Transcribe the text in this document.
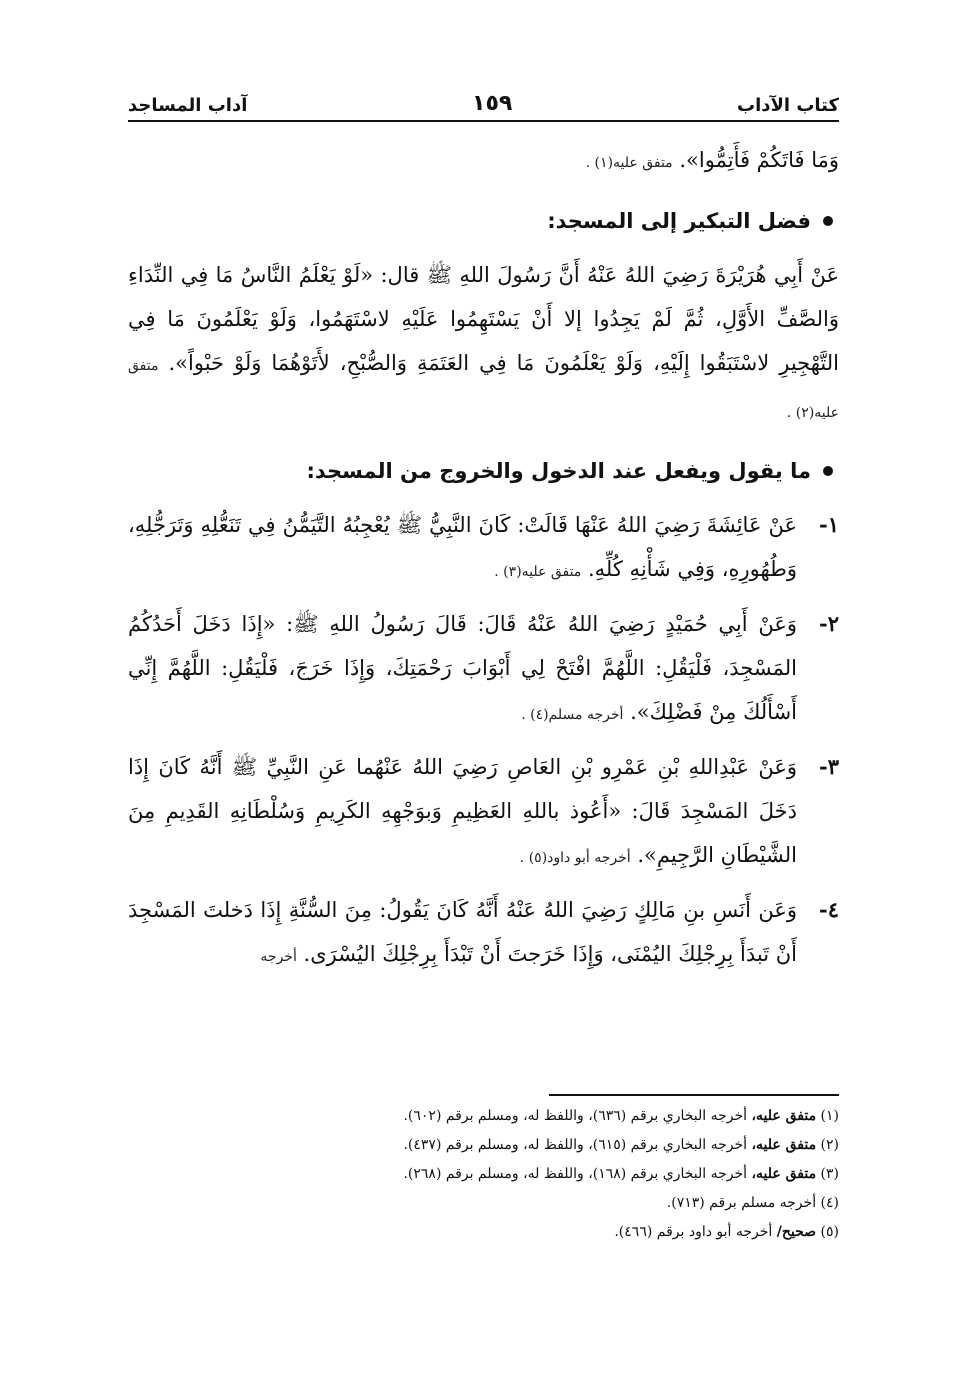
كتاب الآداب
١٥٩
آداب المساجد

وَمَا فَاتَكُمْ فَأَتِمُّوا». متفق عليه(١) .

فضل التبكير إلى المسجد:

عَنْ أَبِي هُرَيْرَةَ رَضِيَ اللهُ عَنْهُ أَنَّ رَسُولَ اللهِ ﷺ قال: «لَوْ يَعْلَمُ النَّاسُ مَا فِي النِّدَاءِ وَالصَّفِّ الأَوَّلِ، ثُمَّ لَمْ يَجِدُوا إلا أَنْ يَسْتَهِمُوا عَلَيْهِ لاسْتَهَمُوا، وَلَوْ يَعْلَمُونَ مَا فِي التَّهْجِيرِ لاسْتَبَقُوا إِلَيْهِ، وَلَوْ يَعْلَمُونَ مَا فِي العَتَمَةِ وَالصُّبْحِ، لأَتَوْهُمَا وَلَوْ حَبْواً». متفق عليه(٢) .

ما يقول ويفعل عند الدخول والخروج من المسجد:
١-
عَنْ عَائِشَةَ رَضِيَ اللهُ عَنْهَا قَالَتْ: كَانَ النَّبِيُّ ﷺ يُعْجِبُهُ التَّيَمُّنُ فِي تَنَعُّلِهِ وَتَرَجُّلِهِ، وَطُهُورِهِ، وَفِي شَأْنِهِ كُلِّهِ. متفق عليه(٣) .
٢-
وَعَنْ أَبِي حُمَيْدٍ رَضِيَ اللهُ عَنْهُ قَالَ: قَالَ رَسُولُ اللهِ ﷺ: «إِذَا دَخَلَ أَحَدُكُمُ المَسْجِدَ، فَلْيَقُلِ: اللَّهُمَّ افْتَحْ لِي أَبْوَابَ رَحْمَتِكَ، وَإِذَا خَرَجَ، فَلْيَقُلِ: اللَّهُمَّ إِنِّي أَسْأَلُكَ مِنْ فَضْلِكَ». أخرجه مسلم(٤) .
٣-
وَعَنْ عَبْدِاللهِ بْنِ عَمْرِو بْنِ العَاصِ رَضِيَ اللهُ عَنْهُما عَنِ النَّبِيِّ ﷺ أَنَّهُ كَانَ إِذَا دَخَلَ المَسْجِدَ قَالَ: «أَعُوذ باللهِ العَظِيمِ وَبوَجْهِهِ الكَرِيمِ وَسُلْطَانِهِ القَدِيمِ مِنَ الشَّيْطَانِ الرَّجِيمِ». أخرجه أبو داود(٥) .
٤-
وَعَن أَنَسِ بنِ مَالِكٍ رَضِيَ اللهُ عَنْهُ أَنَّهُ كَانَ يَقُولُ: مِنَ السُّنَّةِ إِذَا دَخلتَ المَسْجِدَ أَنْ تَبدَأَ بِرِجْلِكَ اليُمْنَى، وَإِذَا خَرَجتَ أَنْ تَبْدَأَ بِرِجْلِكَ اليُسْرَى. أخرجه

(١) متفق عليه، أخرجه البخاري برقم (٦٣٦)، واللفظ له، ومسلم برقم (٦٠٢).

(٢) متفق عليه، أخرجه البخاري برقم (٦١٥)، واللفظ له، ومسلم برقم (٤٣٧).

(٣) متفق عليه، أخرجه البخاري برقم (١٦٨)، واللفظ له، ومسلم برقم (٢٦٨).

(٤) أخرجه مسلم برقم (٧١٣).

(٥) صحيح/ أخرجه أبو داود برقم (٤٦٦).
